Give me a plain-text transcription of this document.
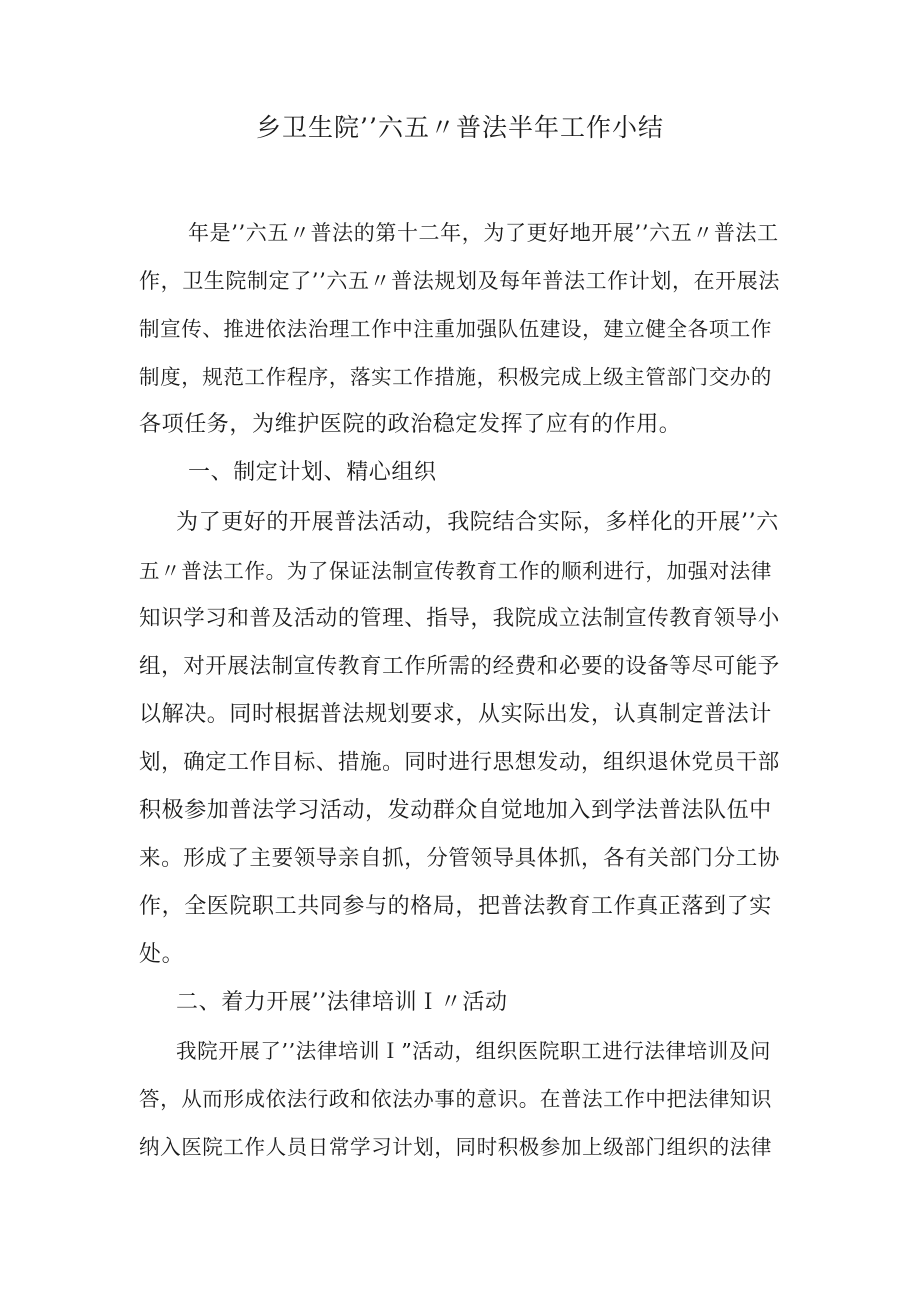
乡卫生院’’六五〃普法半年工作小结
年是’’六五〃普法的第十二年，为了更好地开展’’六五〃普法工
作，卫生院制定了’’六五〃普法规划及每年普法工作计划，在开展法
制宣传、推进依法治理工作中注重加强队伍建设，建立健全各项工作
制度，规范工作程序，落实工作措施，积极完成上级主管部门交办的
各项任务，为维护医院的政治稳定发挥了应有的作用。
一、制定计划、精心组织
为了更好的开展普法活动，我院结合实际，多样化的开展’’六
五〃普法工作。为了保证法制宣传教育工作的顺利进行，加强对法律
知识学习和普及活动的管理、指导，我院成立法制宣传教育领导小
组，对开展法制宣传教育工作所需的经费和必要的设备等尽可能予
以解决。同时根据普法规划要求，从实际出发，认真制定普法计
划，确定工作目标、措施。同时进行思想发动，组织退休党员干部
积极参加普法学习活动，发动群众自觉地加入到学法普法队伍中
来。形成了主要领导亲自抓，分管领导具体抓，各有关部门分工协
作，全医院职工共同参与的格局，把普法教育工作真正落到了实
处。
二、着力开展’’法律培训Ｉ〃活动
我院开展了’’法律培训Ｉ”活动，组织医院职工进行法律培训及问
答，从而形成依法行政和依法办事的意识。在普法工作中把法律知识
纳入医院工作人员日常学习计划，同时积极参加上级部门组织的法律
